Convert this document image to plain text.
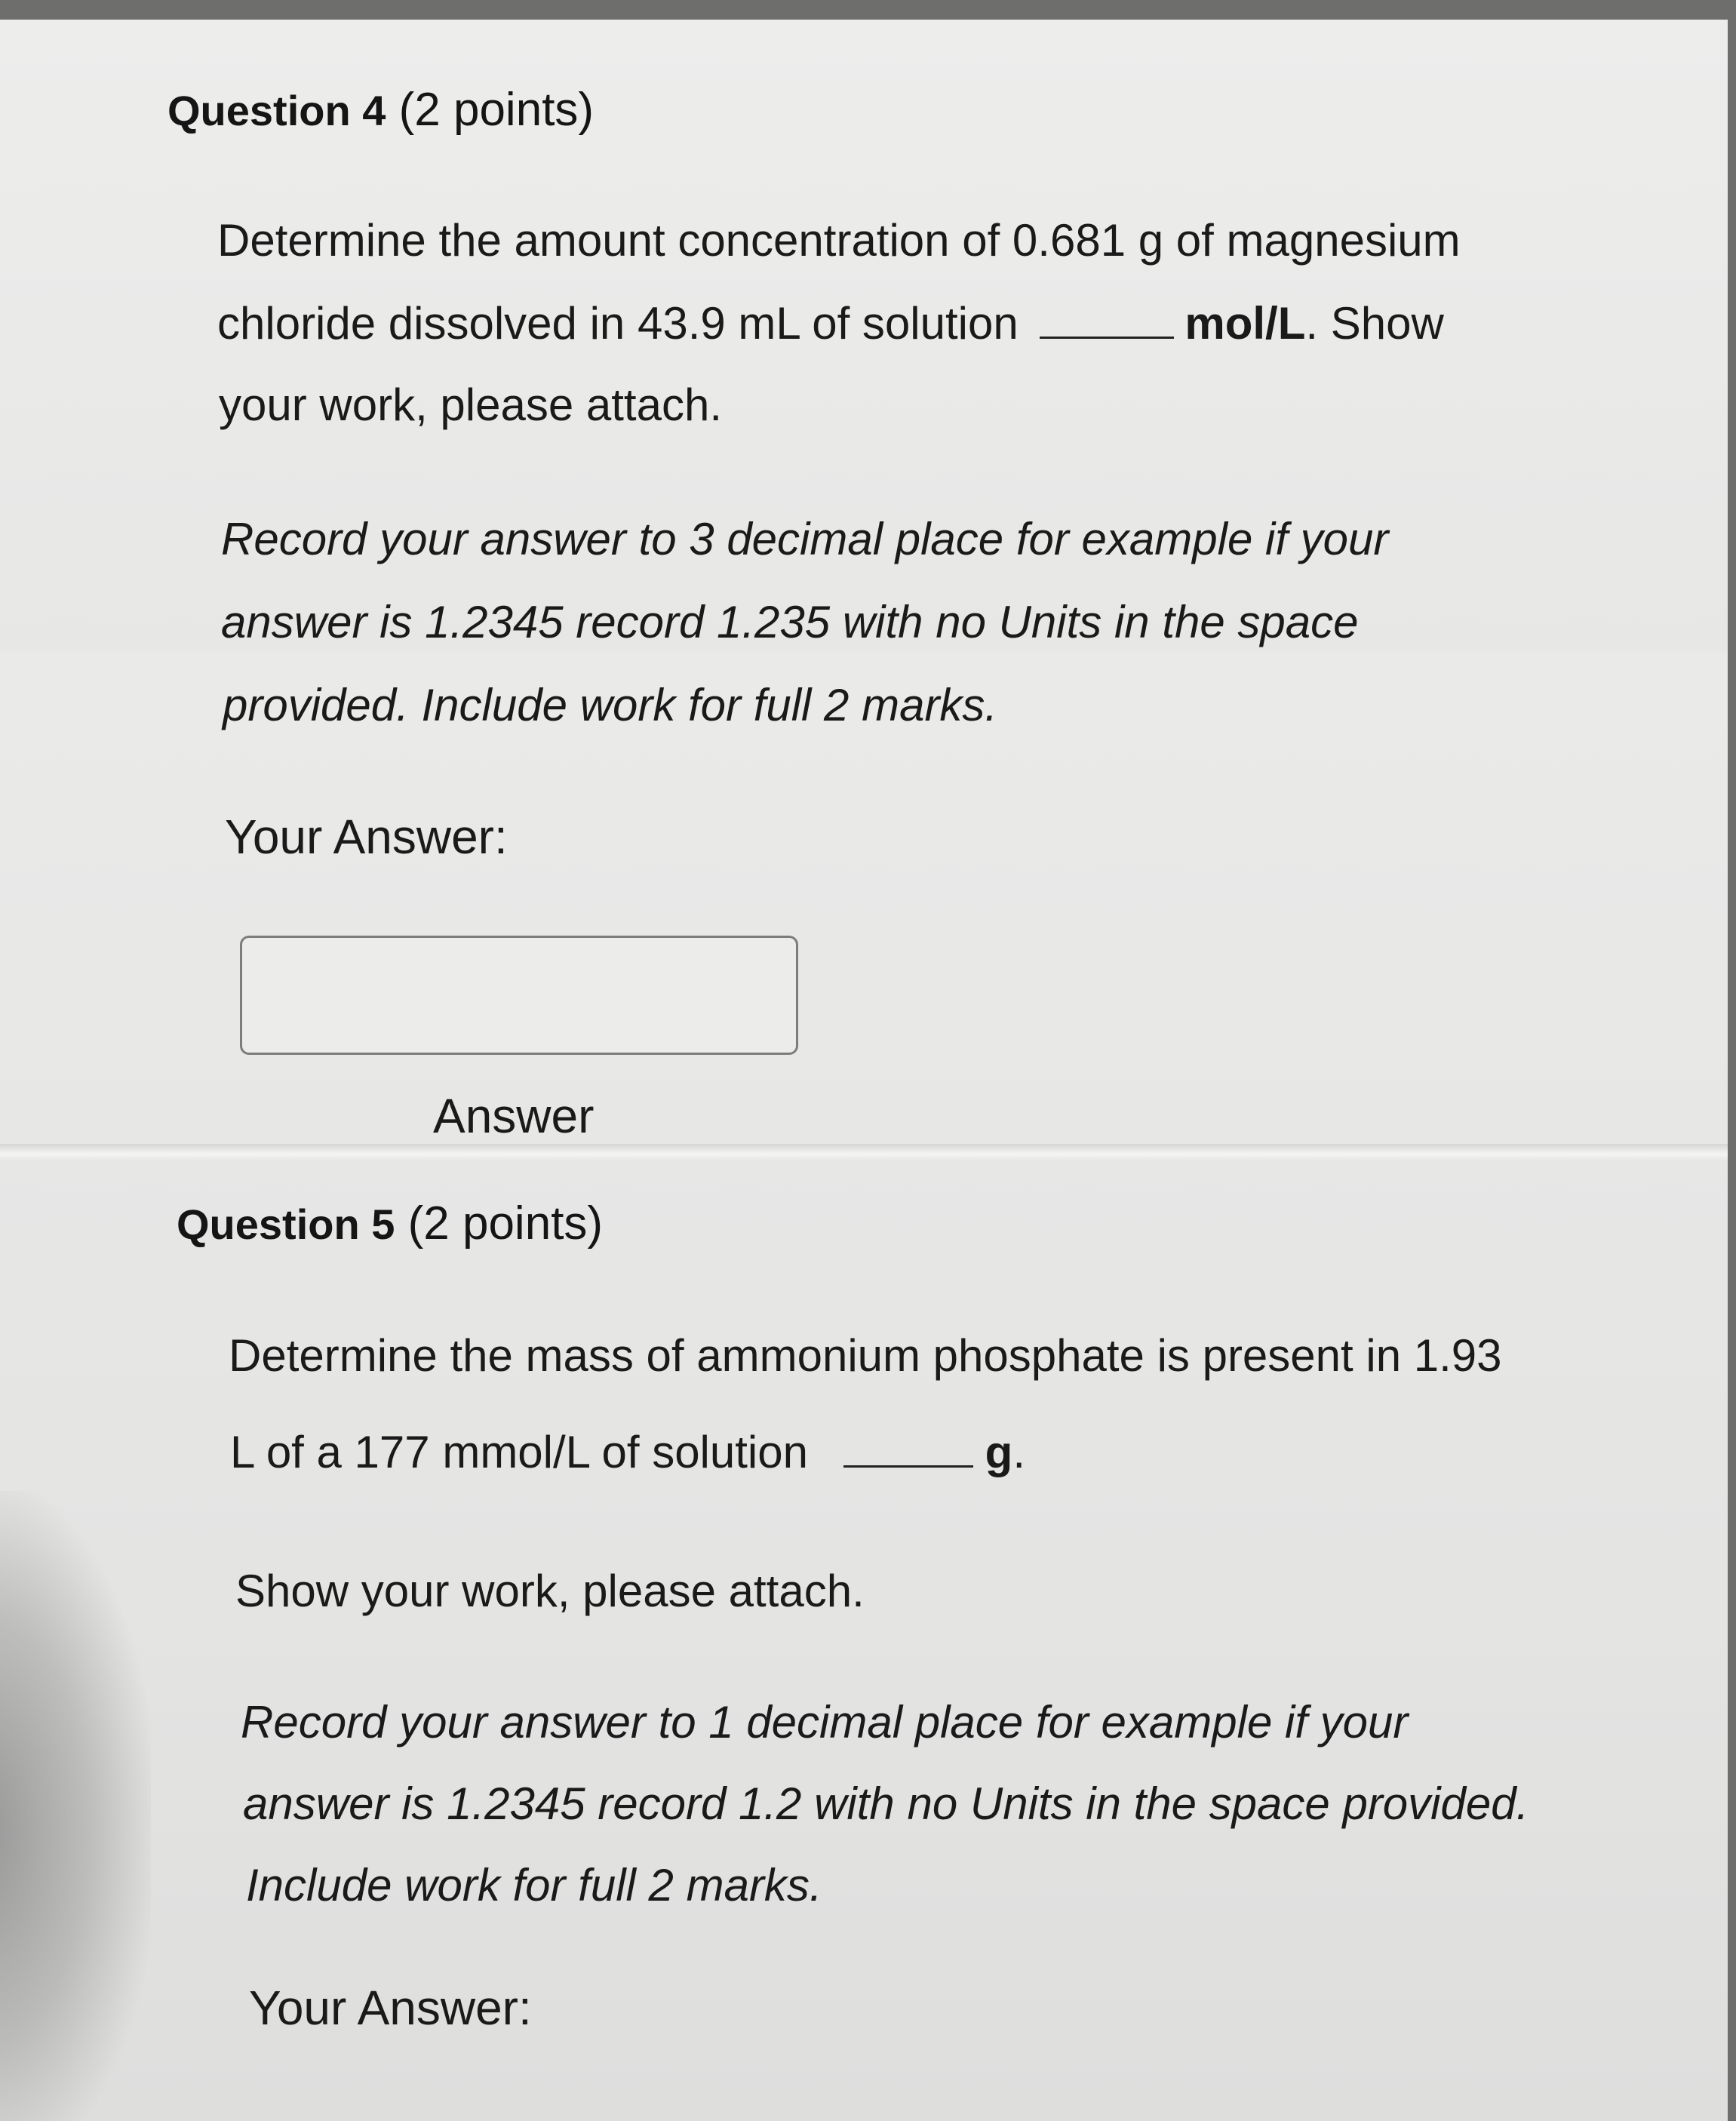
Question 4 (2 points)
Determine the amount concentration of 0.681 g of magnesium
chloride dissolved in 43.9 mL of solution	mol/L. Show
your work, please attach.
Record your answer to 3 decimal place for example if your
answer is 1.2345 record 1.235 with no Units in the space
provided. Include work for full 2 marks.
Your Answer:
Answer
Question 5 (2 points)
Determine the mass of ammonium phosphate is present in 1.93
L of a 177 mmol/L of solution	g.
Show your work, please attach.
Record your answer to 1 decimal place for example if your
answer is 1.2345 record 1.2 with no Units in the space provided.
Include work for full 2 marks.
Your Answer:
